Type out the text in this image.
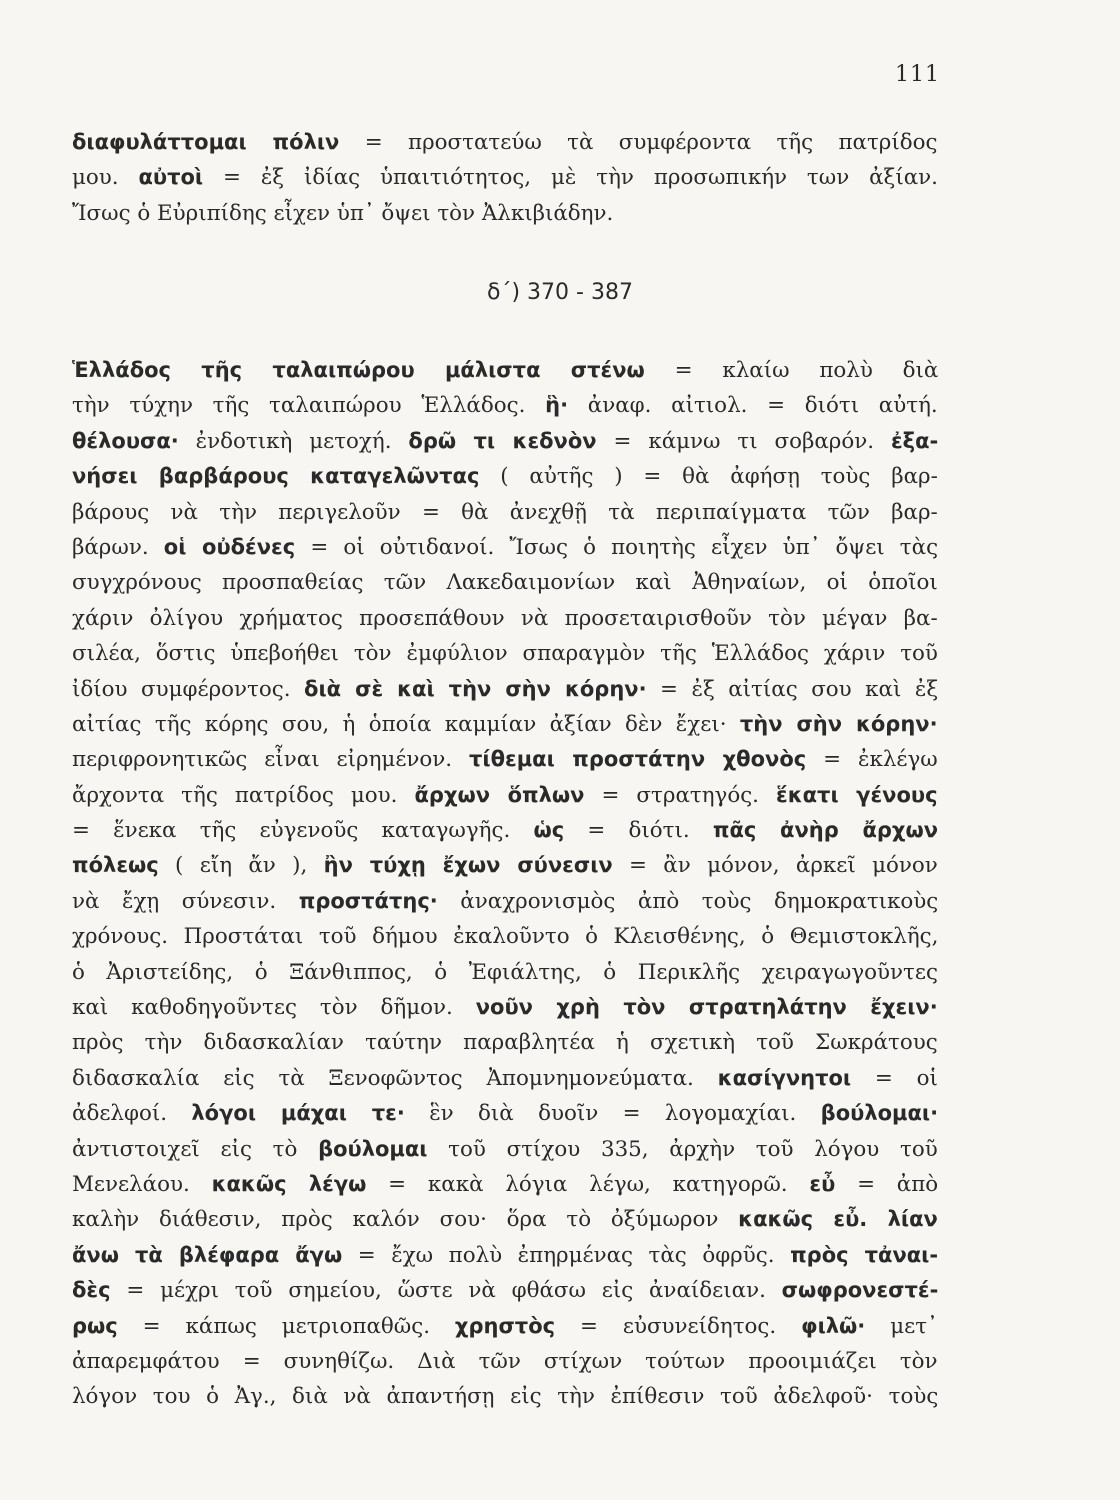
111
διαφυλάττομαι πόλιν = προστατεύω τὰ συμφέροντα τῆς πατρίδος
μου. αὐτοὶ = ἐξ ἰδίας ὑπαιτιότητος, μὲ τὴν προσωπικήν των ἀξίαν.
Ἴσως ὁ Εὐριπίδης εἶχεν ὑπ᾽ ὄψει τὸν Ἀλκιβιάδην.
δ΄) 370 - 387
Ἑλλάδος τῆς ταλαιπώρου μάλιστα στένω = κλαίω πολὺ διὰ
τὴν τύχην τῆς ταλαιπώρου Ἑλλάδος. ἣ· ἀναφ. αἰτιολ. = διότι αὐτή.
θέλουσα· ἐνδοτικὴ μετοχή. δρῶ τι κεδνὸν = κάμνω τι σοβαρόν. ἐξα-
νήσει βαρβάρους καταγελῶντας ( αὐτῆς ) = θὰ ἀφήσῃ τοὺς βαρ-
βάρους νὰ τὴν περιγελοῦν = θὰ ἀνεχθῇ τὰ περιπαίγματα τῶν βαρ-
βάρων. οἱ οὐδένες = οἱ οὐτιδανοί. Ἴσως ὁ ποιητὴς εἶχεν ὑπ᾽ ὄψει τὰς
συγχρόνους προσπαθείας τῶν Λακεδαιμονίων καὶ Ἀθηναίων, οἱ ὁποῖοι
χάριν ὀλίγου χρήματος προσεπάθουν νὰ προσεταιρισθοῦν τὸν μέγαν βα-
σιλέα, ὅστις ὑπεβοήθει τὸν ἐμφύλιον σπαραγμὸν τῆς Ἑλλάδος χάριν τοῦ
ἰδίου συμφέροντος. διὰ σὲ καὶ τὴν σὴν κόρην· = ἐξ αἰτίας σου καὶ ἐξ
αἰτίας τῆς κόρης σου, ἡ ὁποία καμμίαν ἀξίαν δὲν ἔχει· τὴν σὴν κόρην·
περιφρονητικῶς εἶναι εἰρημένον. τίθεμαι προστάτην χθονὸς = ἐκλέγω
ἄρχοντα τῆς πατρίδος μου. ἄρχων ὅπλων = στρατηγός. ἕκατι γένους
= ἕνεκα τῆς εὐγενοῦς καταγωγῆς. ὡς = διότι. πᾶς ἀνὴρ ἄρχων
πόλεως ( εἴη ἄν ), ἢν τύχῃ ἔχων σύνεσιν = ἂν μόνον, ἀρκεῖ μόνον
νὰ ἔχῃ σύνεσιν. προστάτης· ἀναχρονισμὸς ἀπὸ τοὺς δημοκρατικοὺς
χρόνους. Προστάται τοῦ δήμου ἐκαλοῦντο ὁ Κλεισθένης, ὁ Θεμιστοκλῆς,
ὁ Ἀριστείδης, ὁ Ξάνθιππος, ὁ Ἐφιάλτης, ὁ Περικλῆς χειραγωγοῦντες
καὶ καθοδηγοῦντες τὸν δῆμον. νοῦν χρὴ τὸν στρατηλάτην ἔχειν·
πρὸς τὴν διδασκαλίαν ταύτην παραβλητέα ἡ σχετικὴ τοῦ Σωκράτους
διδασκαλία εἰς τὰ Ξενοφῶντος Ἀπομνημονεύματα. κασίγνητοι = οἱ
ἀδελφοί. λόγοι μάχαι τε· ἓν διὰ δυοῖν = λογομαχίαι. βούλομαι·
ἀντιστοιχεῖ εἰς τὸ βούλομαι τοῦ στίχου 335, ἀρχὴν τοῦ λόγου τοῦ
Μενελάου. κακῶς λέγω = κακὰ λόγια λέγω, κατηγορῶ. εὖ = ἀπὸ
καλὴν διάθεσιν, πρὸς καλόν σου· ὅρα τὸ ὀξύμωρον κακῶς εὖ. λίαν
ἄνω τὰ βλέφαρα ἄγω = ἔχω πολὺ ἐπηρμένας τὰς ὀφρῦς. πρὸς τἀναι-
δὲς = μέχρι τοῦ σημείου, ὥστε νὰ φθάσω εἰς ἀναίδειαν. σωφρονεστέ-
ρως = κάπως μετριοπαθῶς. χρηστὸς = εὐσυνείδητος. φιλῶ· μετ᾽
ἀπαρεμφάτου = συνηθίζω. Διὰ τῶν στίχων τούτων προοιμιάζει τὸν
λόγον του ὁ Ἀγ., διὰ νὰ ἀπαντήσῃ εἰς τὴν ἐπίθεσιν τοῦ ἀδελφοῦ· τοὺς
